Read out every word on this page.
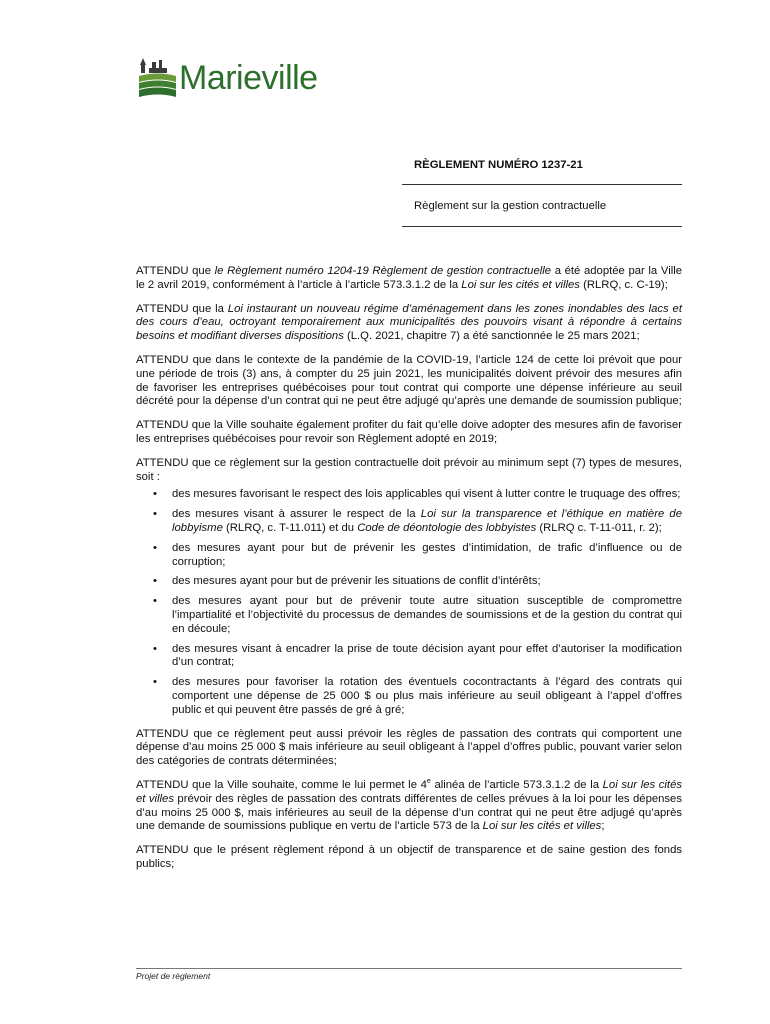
Marieville
RÈGLEMENT NUMÉRO 1237-21
Règlement sur la gestion contractuelle

ATTENDU que le Règlement numéro 1204-19 Règlement de gestion contractuelle a été adoptée par la Ville le 2 avril 2019, conformément à l’article à l’article 573.3.1.2 de la Loi sur les cités et villes (RLRQ, c. C-19);

ATTENDU que la Loi instaurant un nouveau régime d’aménagement dans les zones inondables des lacs et des cours d’eau, octroyant temporairement aux municipalités des pouvoirs visant à répondre à certains besoins et modifiant diverses dispositions (L.Q. 2021, chapitre 7) a été sanctionnée le 25 mars 2021;

ATTENDU que dans le contexte de la pandémie de la COVID-19, l’article 124 de cette loi prévoit que pour une période de trois (3) ans, à compter du 25 juin 2021, les municipalités doivent prévoir des mesures afin de favoriser les entreprises québécoises pour tout contrat qui comporte une dépense inférieure au seuil décrété pour la dépense d’un contrat qui ne peut être adjugé qu’après une demande de soumission publique;

ATTENDU que la Ville souhaite également profiter du fait qu’elle doive adopter des mesures afin de favoriser les entreprises québécoises pour revoir son Règlement adopté en 2019;

ATTENDU que ce règlement sur la gestion contractuelle doit prévoir au minimum sept (7) types de mesures, soit :

• des mesures favorisant le respect des lois applicables qui visent à lutter contre le truquage des offres;
• des mesures visant à assurer le respect de la Loi sur la transparence et l’éthique en matière de lobbyisme (RLRQ, c. T-11.011) et du Code de déontologie des lobbyistes (RLRQ c. T-11-011, r. 2);
• des mesures ayant pour but de prévenir les gestes d’intimidation, de trafic d’influence ou de corruption;
• des mesures ayant pour but de prévenir les situations de conflit d’intérêts;
• des mesures ayant pour but de prévenir toute autre situation susceptible de compromettre l’impartialité et l’objectivité du processus de demandes de soumissions et de la gestion du contrat qui en découle;
• des mesures visant à encadrer la prise de toute décision ayant pour effet d’autoriser la modification d’un contrat;
• des mesures pour favoriser la rotation des éventuels cocontractants à l’égard des contrats qui comportent une dépense de 25 000 $ ou plus mais inférieure au seuil obligeant à l’appel d’offres public et qui peuvent être passés de gré à gré;

ATTENDU que ce règlement peut aussi prévoir les règles de passation des contrats qui comportent une dépense d’au moins 25 000 $ mais inférieure au seuil obligeant à l’appel d’offres public, pouvant varier selon des catégories de contrats déterminées;

ATTENDU que la Ville souhaite, comme le lui permet le 4e alinéa de l’article 573.3.1.2 de la Loi sur les cités et villes prévoir des règles de passation des contrats différentes de celles prévues à la loi pour les dépenses d’au moins 25 000 $, mais inférieures au seuil de la dépense d’un contrat qui ne peut être adjugé qu’après une demande de soumissions publique en vertu de l’article 573 de la Loi sur les cités et villes;

ATTENDU que le présent règlement répond à un objectif de transparence et de saine gestion des fonds publics;

Projet de règlement
